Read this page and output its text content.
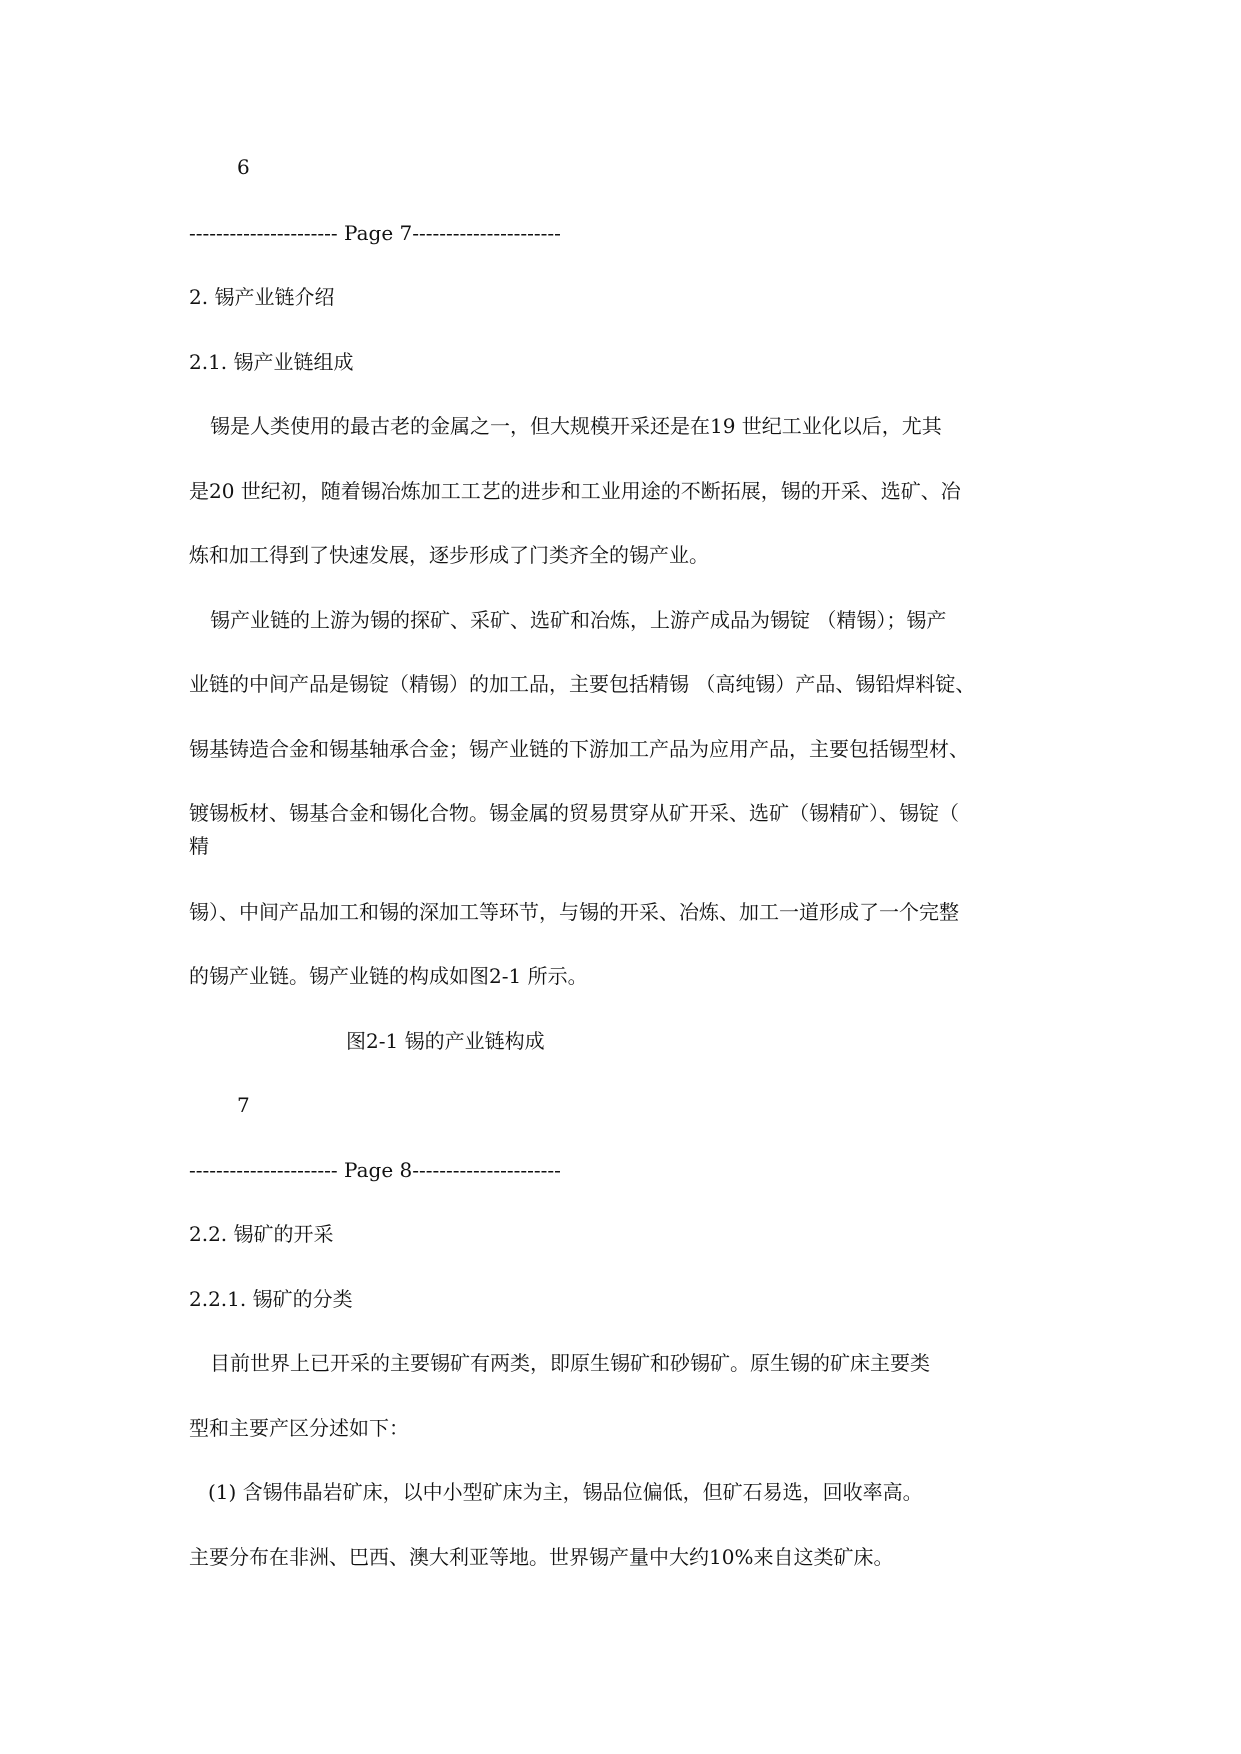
6
---------------------- Page 7----------------------
2. 锡产业链介绍
2.1. 锡产业链组成
锡是人类使用的最古老的金属之一，但大规模开采还是在19 世纪工业化以后，尤其
是20 世纪初，随着锡冶炼加工工艺的进步和工业用途的不断拓展，锡的开采、选矿、冶
炼和加工得到了快速发展，逐步形成了门类齐全的锡产业。
锡产业链的上游为锡的探矿、采矿、选矿和冶炼，上游产成品为锡锭 （精锡）；锡产
业链的中间产品是锡锭（精锡）的加工品，主要包括精锡 （高纯锡）产品、锡铅焊料锭、
锡基铸造合金和锡基轴承合金；锡产业链的下游加工产品为应用产品，主要包括锡型材、
镀锡板材、锡基合金和锡化合物。锡金属的贸易贯穿从矿开采、选矿（锡精矿）、锡锭（
精
锡）、中间产品加工和锡的深加工等环节，与锡的开采、冶炼、加工一道形成了一个完整
的锡产业链。锡产业链的构成如图2-1 所示。
图2-1 锡的产业链构成
7
---------------------- Page 8----------------------
2.2. 锡矿的开采
2.2.1. 锡矿的分类
目前世界上已开采的主要锡矿有两类，即原生锡矿和砂锡矿。原生锡的矿床主要类
型和主要产区分述如下：
(1) 含锡伟晶岩矿床，以中小型矿床为主，锡品位偏低，但矿石易选，回收率高。
主要分布在非洲、巴西、澳大利亚等地。世界锡产量中大约10%来自这类矿床。
